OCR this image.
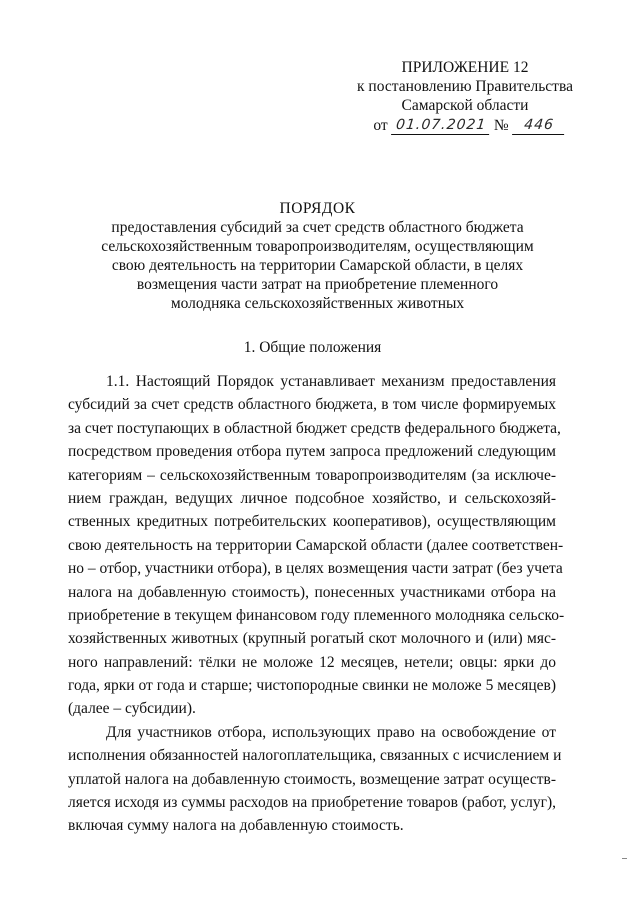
ПРИЛОЖЕНИЕ 12
к постановлению Правительства
Самарской области
от 01.07.2021 №	446
ПОРЯДОК
предоставления субсидий за счет средств областного бюджета
сельскохозяйственным товаропроизводителям, осуществляющим
свою деятельность на территории Самарской области, в целях
возмещения части затрат на приобретение племенного
молодняка сельскохозяйственных животных
1. Общие положения
1.1. Настоящий Порядок устанавливает механизм предоставления
субсидий за счет средств областного бюджета, в том числе формируемых
за счет поступающих в областной бюджет средств федерального бюджета,
посредством проведения отбора путем запроса предложений следующим
категориям – сельскохозяйственным товаропроизводителям (за исключе-
нием граждан, ведущих личное подсобное хозяйство, и сельскохозяй-
ственных кредитных потребительских кооперативов), осуществляющим
свою деятельность на территории Самарской области (далее соответствен-
но – отбор, участники отбора), в целях возмещения части затрат (без учета
налога на добавленную стоимость), понесенных участниками отбора на
приобретение в текущем финансовом году племенного молодняка сельско-
хозяйственных животных (крупный рогатый скот молочного и (или) мяс-
ного направлений: тёлки не моложе 12 месяцев, нетели; овцы: ярки до
года, ярки от года и старше; чистопородные свинки не моложе 5 месяцев)
(далее – субсидии).
Для участников отбора, использующих право на освобождение от
исполнения обязанностей налогоплательщика, связанных с исчислением и
уплатой налога на добавленную стоимость, возмещение затрат осуществ-
ляется исходя из суммы расходов на приобретение товаров (работ, услуг),
включая сумму налога на добавленную стоимость.
